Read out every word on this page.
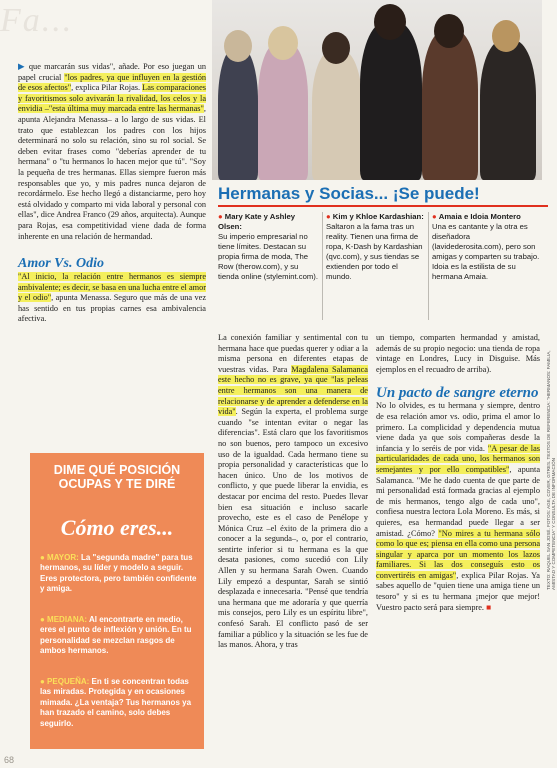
Fa...

▶ que marcarán sus vidas", añade. Por eso juegan un papel crucial "los padres, ya que influyen en la gestión de esos afectos", explica Pilar Rojas. Las comparaciones y favoritismos solo avivarán la rivalidad, los celos y la envidia –"esta última muy marcada entre las hermanas", apunta Alejandra Menassa– a lo largo de sus vidas. El trato que establezcan los padres con los hijos determinará no solo su relación, sino su rol social. Se deben evitar frases como "deberías aprender de tu hermana" o "tu hermanos lo hacen mejor que tú". "Soy la pequeña de tres hermanas. Ellas siempre fueron más responsables que yo, y mis padres nunca dejaron de recordármelo. Ese hecho llegó a distanciarme, pero hoy está olvidado y comparto mi vida laboral y personal con ellas", dice Andrea Franco (29 años, arquitecta). Aunque para Rojas, esa competitividad viene dada de forma inherente en una relación de hermandad.

Amor Vs. Odio

"Al inicio, la relación entre hermanos es siempre ambivalente; es decir, se basa en una lucha entre el amor y el odio", apunta Menassa. Seguro que más de una vez has sentido en tus propias carnes esa ambivalencia afectiva.

Hermanas y Socias... ¡Se puede!
● Mary Kate y Ashley Olsen:
Su imperio empresarial no tiene límites. Destacan su propia firma de moda, The Row (therow.com), y su tienda online (stylemint.com).
● Kim y Khloe Kardashian:
Saltaron a la fama tras un reality. Tienen una firma de ropa, K-Dash by Kardashian (qvc.com), y sus tiendas se extienden por todo el mundo.
● Amaia e Idoia Montero
Una es cantante y la otra es diseñadora (lavidederosita.com), pero son amigas y comparten su trabajo. Idoia es la estilista de su hermana Amaia.

La conexión familiar y sentimental con tu hermana hace que puedas querer y odiar a la misma persona en diferentes etapas de vuestras vidas. Para Magdalena Salamanca este hecho no es grave, ya que "las peleas entre hermanos son una manera de relacionarse y de aprender a defenderse en la vida". Según la experta, el problema surge cuando "se intentan evitar o negar las diferencias". Está claro que los favoritismos no son buenos, pero tampoco un excesivo uso de la igualdad. Cada hermano tiene su propia personalidad y características que lo hacen único. Uno de los motivos de conflicto, y que puede liberar la envidia, es destacar por encima del resto. Puedes llevar bien esa situación e incluso sacarle provecho, este es el caso de Penélope y Mónica Cruz –el éxito de la primera dio a conocer a la segunda–, o, por el contrario, sentirte inferior si tu hermana es la que desata pasiones, como sucedió con Lily Allen y su hermana Sarah Owen. Cuando Lily empezó a despuntar, Sarah se sintió desplazada e innecesaria. "Pensé que tendría una hermana que me adoraría y que querría mis consejos, pero Lily es un espíritu libre", confesó Sarah. El conflicto pasó de ser familiar a público y la situación se les fue de las manos. Ahora, y tras

un tiempo, comparten hermandad y amistad, además de su propio negocio: una tienda de ropa vintage en Londres, Lucy in Disguise. Más ejemplos en el recuadro de arriba).

Un pacto de sangre eterno

No lo olvides, es tu hermana y siempre, dentro de esa relación amor vs. odio, prima el amor lo primero. La complicidad y dependencia mutua viene dada ya que sois compañeras desde la infancia y lo seréis de por vida. "A pesar de las particularidades de cada uno, los hermanos son semejantes y por ello compatibles", apunta Salamanca. "Me he dado cuenta de que parte de mi personalidad está formada gracias al ejemplo de mis hermanos, tengo algo de cada uno", confiesa nuestra lectora Lola Moreno. Es más, si quieres, esa hermandad puede llegar a ser amistad. ¿Cómo? "No mires a tu hermana sólo como lo que es; piensa en ella como una persona singular y aparca por un momento los lazos familiares. Si las dos conseguís esto os convertiréis en amigas", explica Pilar Rojas. Ya sabes aquello de "quien tiene una amiga tiene un tesoro" y si es tu hermana ¡mejor que mejor! Vuestro pacto será para siempre. ■

DIME QUÉ POSICIÓN OCUPAS Y TE DIRÉ
Cómo eres...
● MAYOR: La "segunda madre" para tus hermanos, su líder y modelo a seguir. Eres protectora, pero también confidente y amiga.
● MEDIANA: Al encontrarte en medio, eres el punto de inflexión y unión. En tu personalidad se mezclan rasgos de ambos hermanos.
● PEQUEÑA: En ti se concentran todas las miradas. Protegida y en ocasiones mimada. ¿La ventaja? Tus hermanos ya han trazado el camino, solo debes seguirlo.
TEXTO: RAQUEL SAN JOSÉ. FOTOS: AGE, COVER, GTRES. TEXTOS DE REFERENCIA: "HERMANOS: FAMILIA, AMISTAD Y COMPETENCIA" Y CONSULTA DE INFORMACIÓN
68
